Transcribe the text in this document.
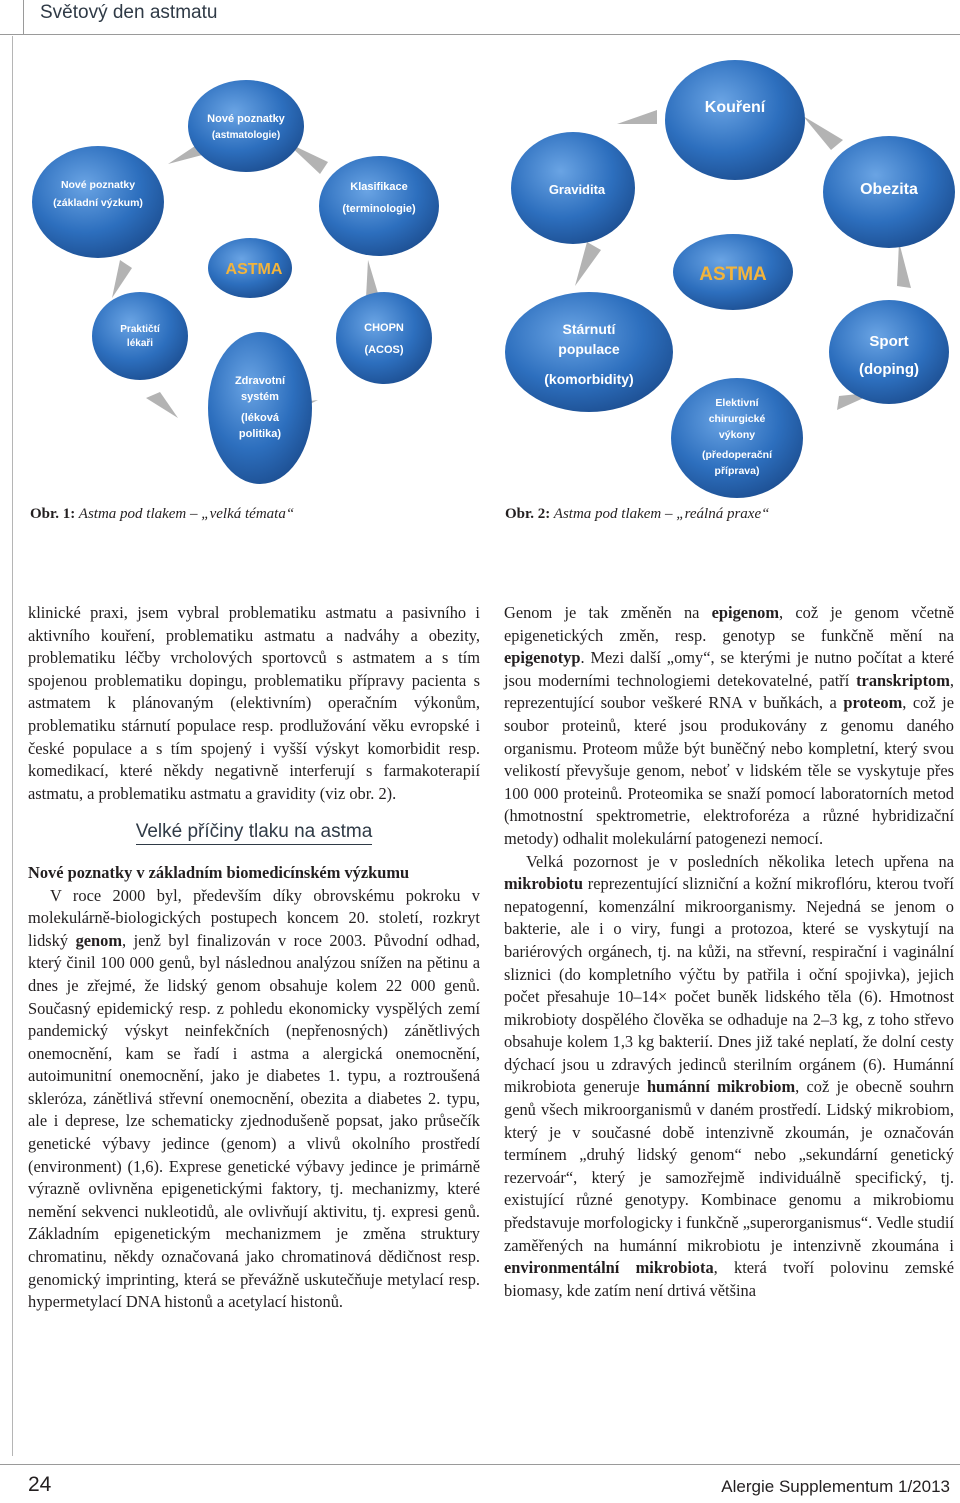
Světový den astmatu
Nové poznatky
(astmatologie)
Klasifikace
(terminologie)
CHOPN
(ACOS)
Zdravotní
systém
(léková
politika)
Praktičtí
lékaři
Nové poznatky
(základní výzkum)
ASTMA
Obr. 1: Astma pod tlakem – „velká témata“
Kouření
Obezita
Sport
(doping)
Elektivní
chirurgické
výkony
(předoperační
příprava)
Stárnutí
populace
(komorbidity)
Gravidita
ASTMA
Obr. 2: Astma pod tlakem – „reálná praxe“

klinické praxi, jsem vybral problematiku astmatu a pasivního i aktivního kouření, problematiku astmatu a nadváhy a obezity, problematiku léčby vrcholových sportovců s astmatem a s tím spojenou problematiku dopingu, problematiku přípravy pacienta s astmatem k plánovaným (elektivním) operačním výkonům, problematiku stárnutí populace resp. prodlužování věku evropské i české populace a s tím spojený i vyšší výskyt komorbidit resp. komedikací, které někdy negativně interferují s farmakoterapií astmatu, a problematiku astmatu a gravidity (viz obr. 2).

Velké příčiny tlaku na astma

Nové poznatky v základním biomedicínském výzkumu

V roce 2000 byl, především díky obrovskému pokroku v molekulárně-biologických postupech koncem 20. století, rozkryt lidský genom, jenž byl finalizován v roce 2003. Původní odhad, který činil 100 000 genů, byl následnou analýzou snížen na pětinu a dnes je zřejmé, že lidský genom obsahuje kolem 22 000 genů. Současný epidemický resp. z pohledu ekonomicky vyspělých zemí pandemický výskyt neinfekčních (nepřenosných) zánětlivých onemocnění, kam se řadí i astma a alergická onemocnění, autoimunitní onemocnění, jako je diabetes 1. typu, a roztroušená skleróza, zánětlivá střevní onemocnění, obezita a diabetes 2. typu, ale i deprese, lze schematicky zjednodušeně popsat, jako průsečík genetické výbavy jedince (genom) a vlivů okolního prostředí (environment) (1,6). Exprese genetické výbavy jedince je primárně výrazně ovlivněna epigenetickými faktory, tj. mechanizmy, které nemění sekvenci nukleotidů, ale ovlivňují aktivitu, tj. expresi genů. Základním epigenetickým mechanizmem je změna struktury chromatinu, někdy označovaná jako chromatinová dědičnost resp. genomický imprinting, která se převážně uskutečňuje metylací resp. hypermetylací DNA histonů a acetylací histonů.

Genom je tak změněn na epigenom, což je genom včetně epigenetických změn, resp. genotyp se funkčně mění na epigenotyp. Mezi další „omy“, se kterými je nutno počítat a které jsou moderními technologiemi detekovatelné, patří transkriptom, reprezentující soubor veškeré RNA v buňkách, a proteom, což je soubor proteinů, které jsou produkovány z genomu daného organismu. Proteom může být buněčný nebo kompletní, který svou velikostí převyšuje genom, neboť v lidském těle se vyskytuje přes 100 000 proteinů. Proteomika se snaží pomocí laboratorních metod (hmotnostní spektrometrie, elektroforéza a různé hybridizační metody) odhalit molekulární patogenezi nemocí.

Velká pozornost je v posledních několika letech upřena na mikrobiotu reprezentující slizniční a kožní mikroflóru, kterou tvoří nepatogenní, komenzální mikroorganismy. Nejedná se jenom o bakterie, ale i o viry, fungi a protozoa, které se vyskytují na bariérových orgánech, tj. na kůži, na střevní, respirační i vaginální sliznici (do kompletního výčtu by patřila i oční spojivka), jejich počet přesahuje 10–14× počet buněk lidského těla (6). Hmotnost mikrobioty dospělého člověka se odhaduje na 2–3 kg, z toho střevo obsahuje kolem 1,3 kg bakterií. Dnes již také neplatí, že dolní cesty dýchací jsou u zdravých jedinců sterilním orgánem (6). Humánní mikrobiota generuje humánní mikrobiom, což je obecně souhrn genů všech mikroorganismů v daném prostředí. Lidský mikrobiom, který je v současné době intenzivně zkoumán, je označován termínem „druhý lidský genom“ nebo „sekundární genetický rezervoár“, který je samozřejmě individuálně specifický, tj. existující různé genotypy. Kombinace genomu a mikrobiomu představuje morfologicky i funkčně „superorganismus“. Vedle studií zaměřených na humánní mikrobiotu je intenzivně zkoumána i environmentální mikrobiota, která tvoří polovinu zemské biomasy, kde zatím není drtivá většina

24	Alergie Supplementum 1/2013
